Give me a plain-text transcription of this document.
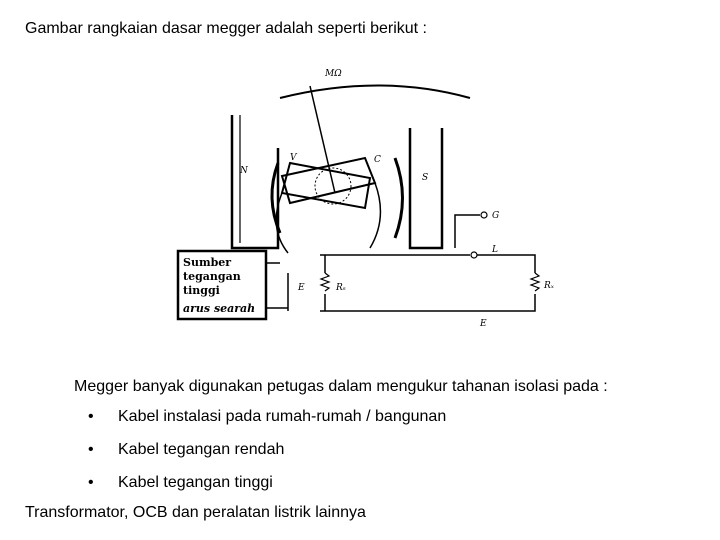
Gambar rangkaian dasar megger adalah seperti berikut :
MΩ
N
S
V	C
G
L
Rₓ
E
Rₛ
E
Sumber
tegangan
tinggi
arus searah
Megger banyak digunakan petugas dalam mengukur tahanan isolasi pada :
• Kabel instalasi pada rumah-rumah / bangunan
• Kabel tegangan rendah
• Kabel tegangan tinggi
Transformator, OCB dan peralatan listrik lainnya
